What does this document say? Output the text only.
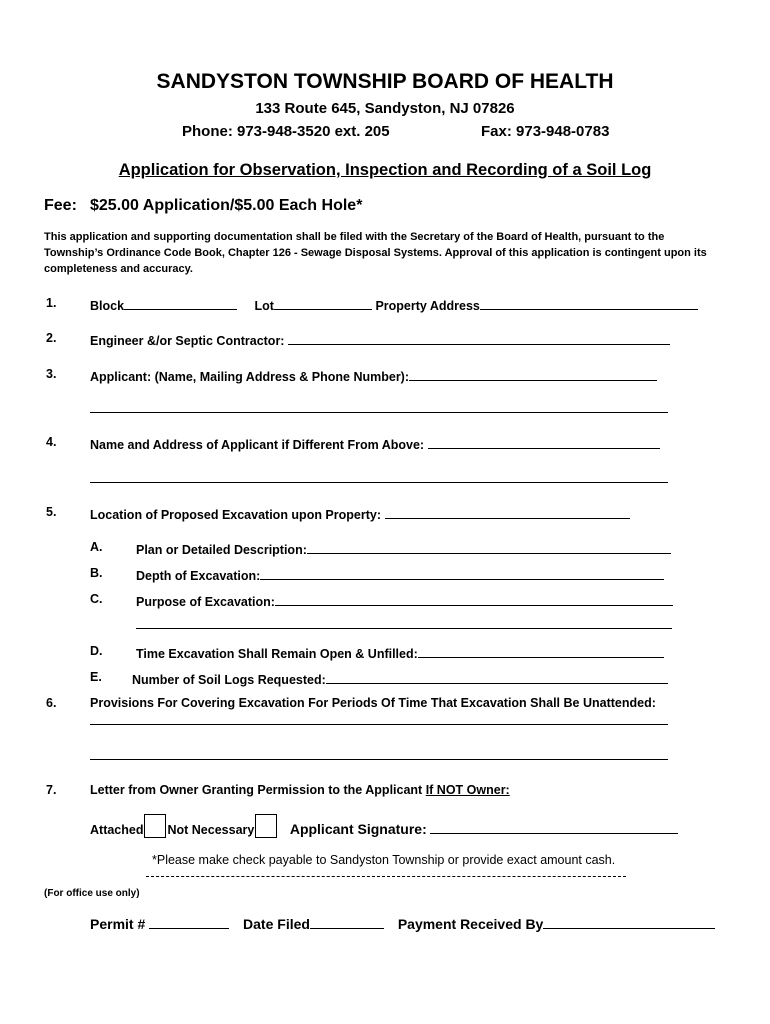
SANDYSTON TOWNSHIP BOARD OF HEALTH
133 Route 645, Sandyston, NJ 07826
Phone: 973-948-3520 ext. 205	Fax: 973-948-0783
Application for Observation, Inspection and Recording of a Soil Log
Fee: $25.00 Application/$5.00 Each Hole*
This application and supporting documentation shall be filed with the Secretary of the Board of Health, pursuant to the
Township’s Ordinance Code Book, Chapter 126 - Sewage Disposal Systems. Approval of this application is contingent upon its
completeness and accuracy.
1.	Block	Lot	Property Address
2.	Engineer &/or Septic Contractor:
3.	Applicant: (Name, Mailing Address & Phone Number):
4.	Name and Address of Applicant if Different From Above:
5.	Location of Proposed Excavation upon Property:
A.	Plan or Detailed Description:
B.	Depth of Excavation:
C.	Purpose of Excavation:
D.	Time Excavation Shall Remain Open & Unfilled:
E. Number of Soil Logs Requested:
6.	Provisions For Covering Excavation For Periods Of Time That Excavation Shall Be Unattended:
7.	Letter from Owner Granting Permission to the Applicant If NOT Owner:
Attached Not Necessary	Applicant Signature:
*Please make check payable to Sandyston Township or provide exact amount cash.
(For office use only)
Permit #	Date Filed	Payment Received By
